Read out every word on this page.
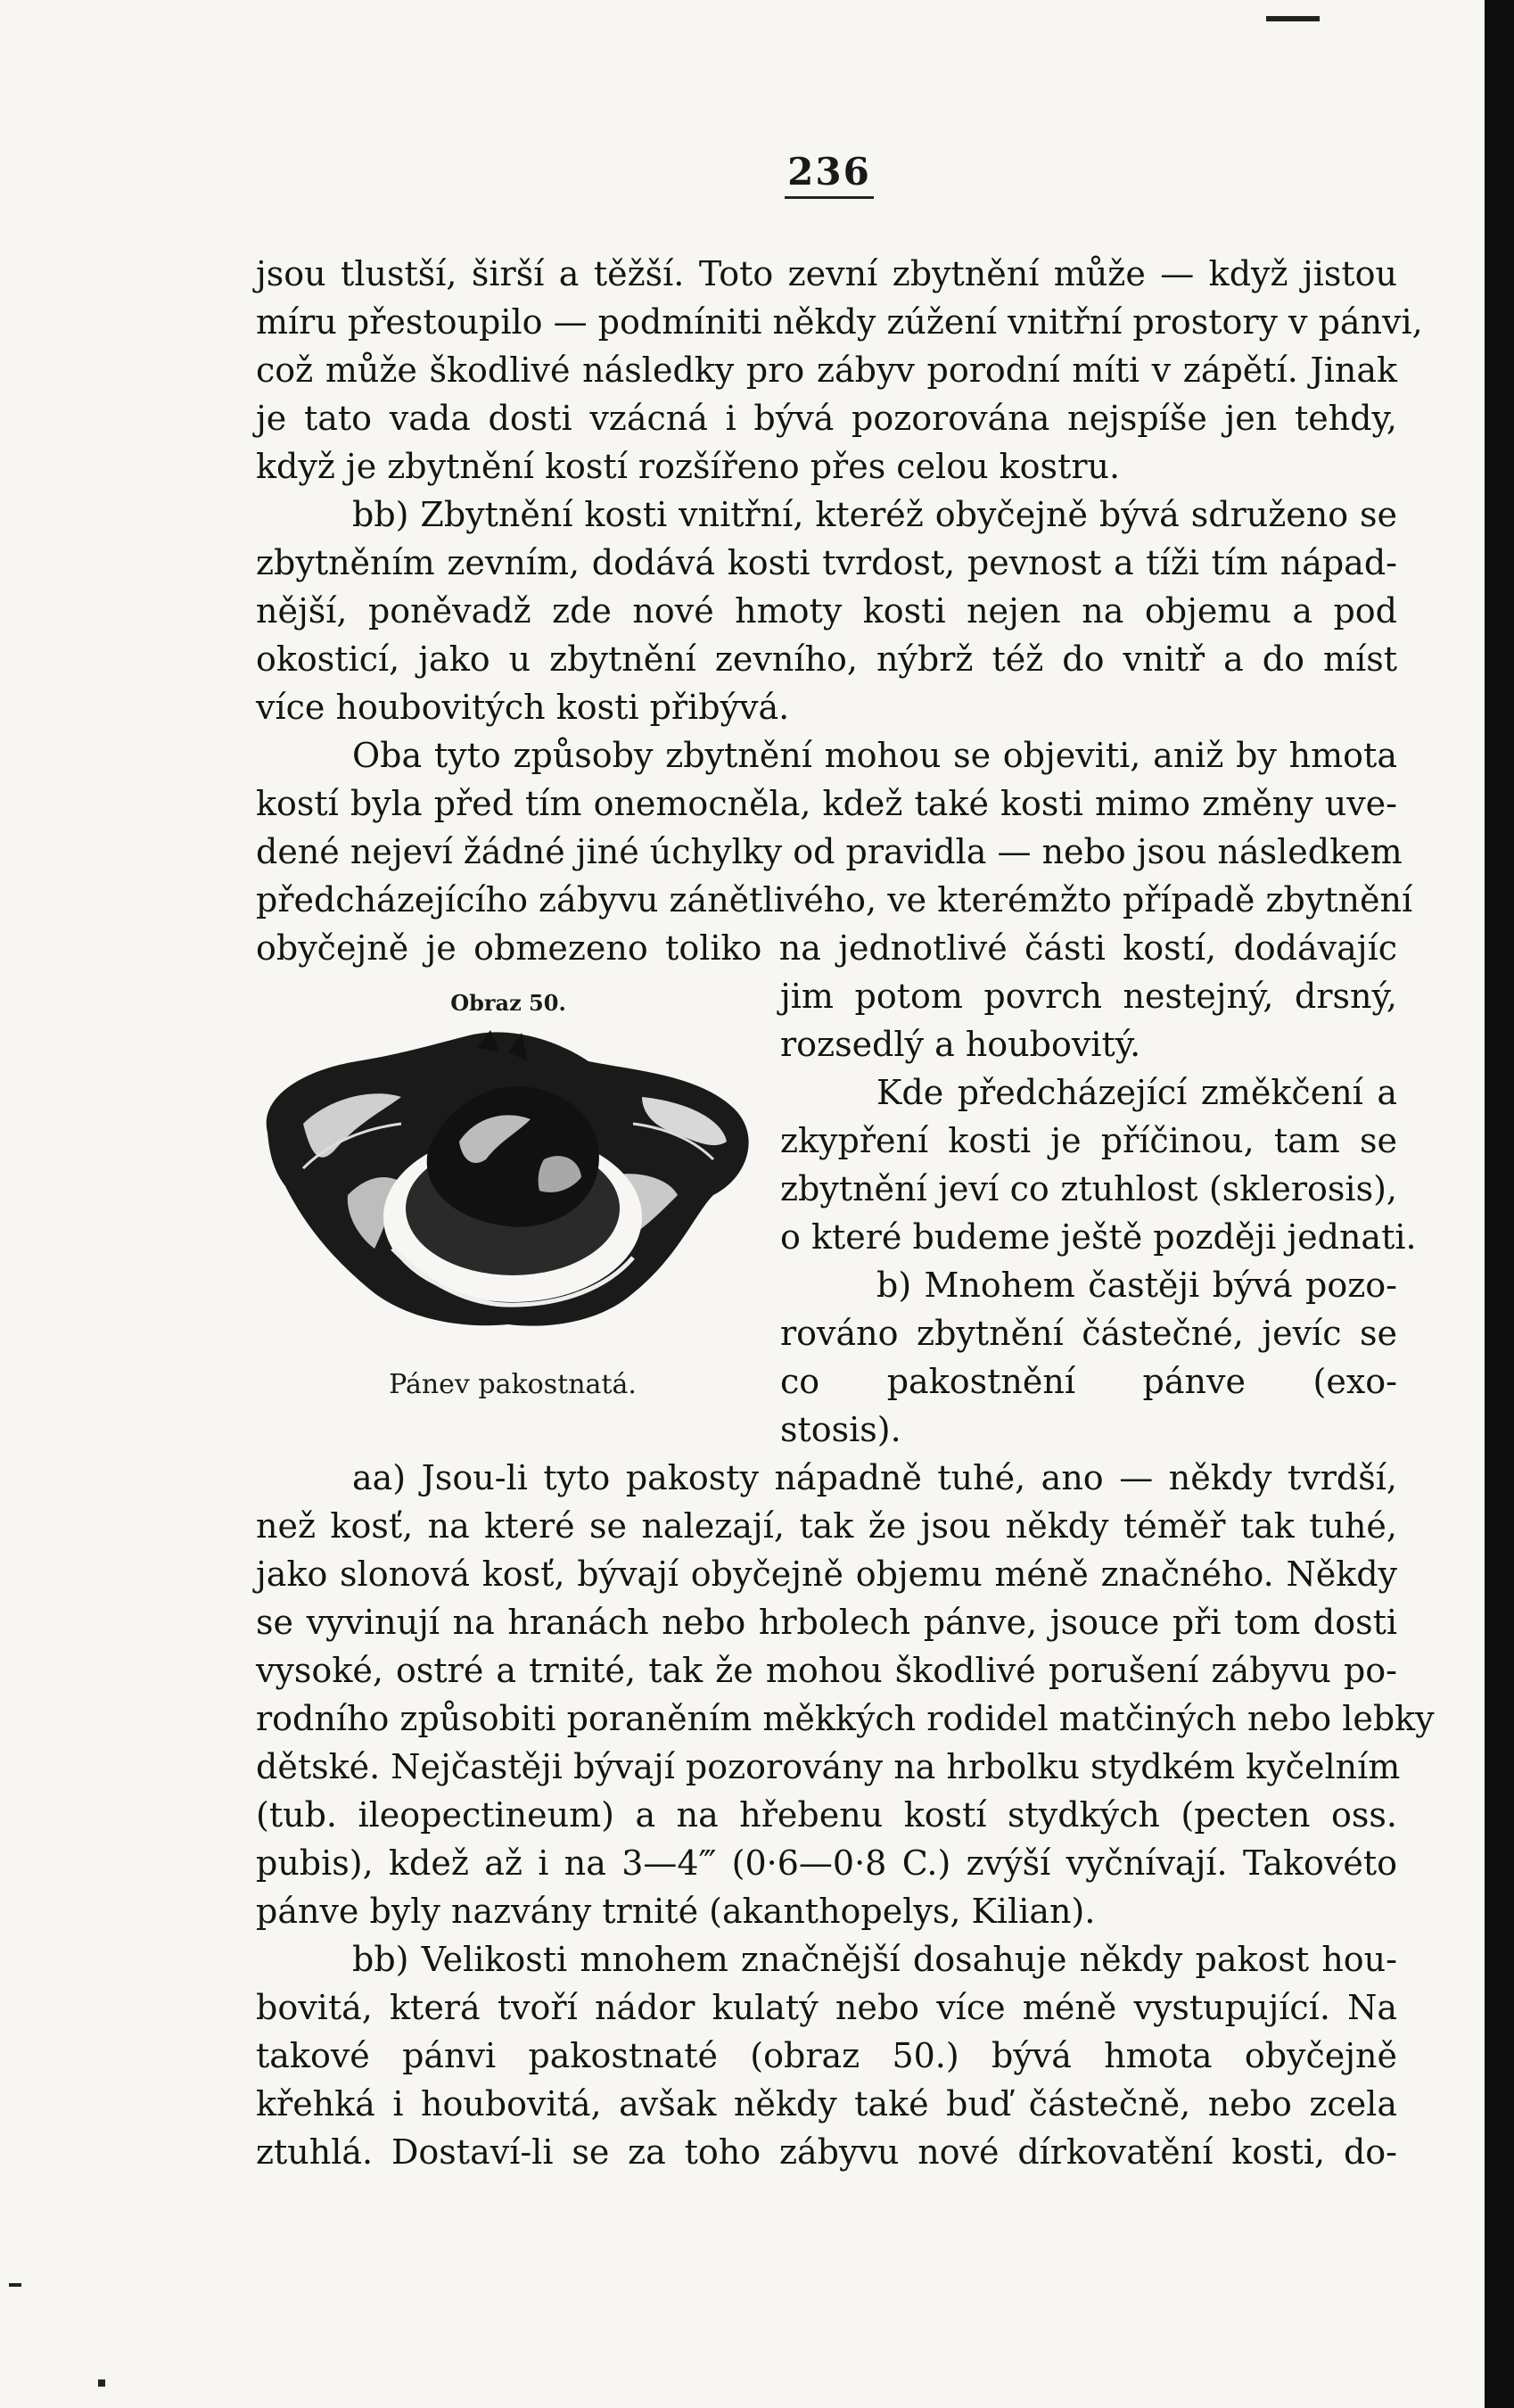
236
jsou tlustší, širší a těžší. Toto zevní zbytnění může — když jistou
míru přestoupilo — podmíniti někdy zúžení vnitřní prostory v pánvi,
což může škodlivé následky pro zábyv porodní míti v zápětí. Jinak
je tato vada dosti vzácná i bývá pozorována nejspíše jen tehdy,
když je zbytnění kostí rozšířeno přes celou kostru.
bb) Zbytnění kosti vnitřní, kteréž obyčejně bývá sdruženo se
zbytněním zevním, dodává kosti tvrdost, pevnost a tíži tím nápad-
nější, poněvadž zde nové hmoty kosti nejen na objemu a pod
okosticí, jako u zbytnění zevního, nýbrž též do vnitř a do míst
více houbovitých kosti přibývá.
Oba tyto způsoby zbytnění mohou se objeviti, aniž by hmota
kostí byla před tím onemocněla, kdež také kosti mimo změny uve-
dené nejeví žádné jiné úchylky od pravidla — nebo jsou následkem
předcházejícího zábyvu zánětlivého, ve kterémžto případě zbytnění
obyčejně je obmezeno toliko na jednotlivé části kostí, dodávajíc
jim potom povrch nestejný, drsný,
rozsedlý a houbovitý.
Kde předcházející změkčení a
zkypření kosti je příčinou, tam se
zbytnění jeví co ztuhlost (sklerosis),
o které budeme ještě později jednati.
b) Mnohem častěji bývá pozo-
rováno zbytnění částečné, jevíc se
co pakostnění pánve (exo-
stosis).
Obraz 50.
Pánev pakostnatá.
aa) Jsou-li tyto pakosty nápadně tuhé, ano — někdy tvrdší,
než kosť, na které se nalezají, tak že jsou někdy téměř tak tuhé,
jako slonová kosť, bývají obyčejně objemu méně značného. Někdy
se vyvinují na hranách nebo hrbolech pánve, jsouce při tom dosti
vysoké, ostré a trnité, tak že mohou škodlivé porušení zábyvu po-
rodního způsobiti poraněním měkkých rodidel matčiných nebo lebky
dětské. Nejčastěji bývají pozorovány na hrbolku stydkém kyčelním
(tub. ileopectineum) a na hřebenu kostí stydkých (pecten oss.
pubis), kdež až i na 3—4‴ (0·6—0·8 C.) zvýší vyčnívají. Takovéto
pánve byly nazvány trnité (akanthopelys, Kilian).
bb) Velikosti mnohem značnější dosahuje někdy pakost hou-
bovitá, která tvoří nádor kulatý nebo více méně vystupující. Na
takové pánvi pakostnaté (obraz 50.) bývá hmota obyčejně
křehká i houbovitá, avšak někdy také buď částečně, nebo zcela
ztuhlá. Dostaví-li se za toho zábyvu nové dírkovatění kosti, do-
